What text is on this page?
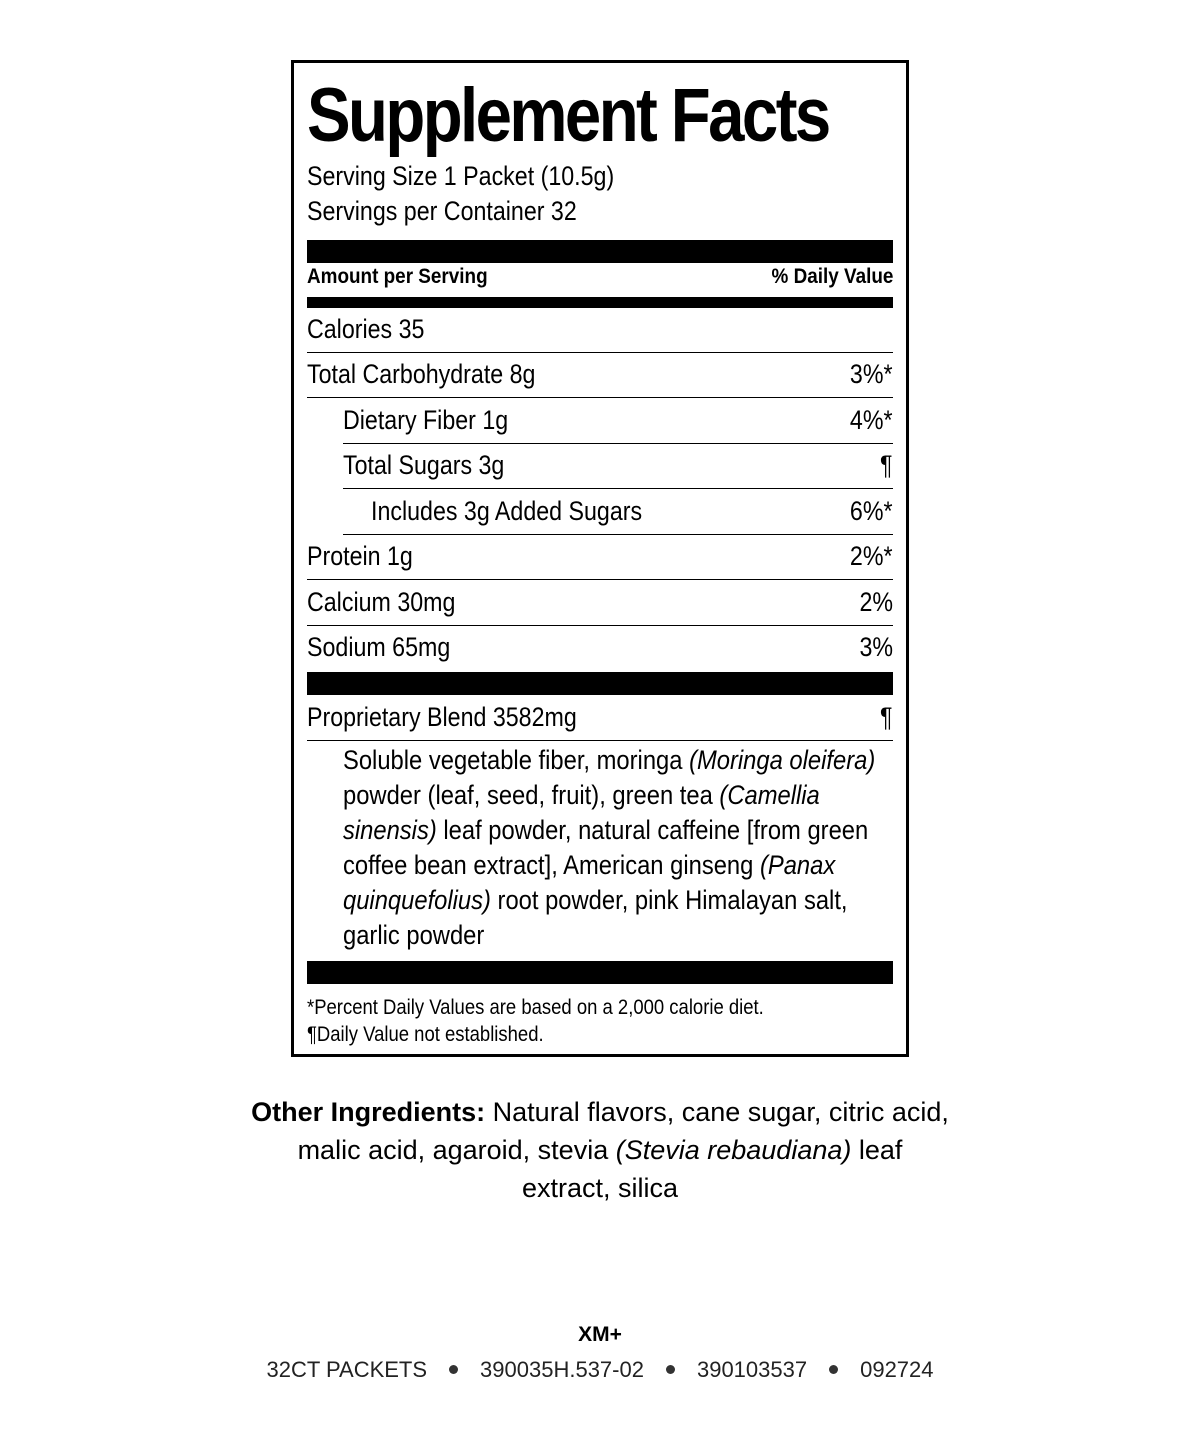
Supplement Facts
Serving Size 1 Packet (10.5g)
Servings per Container 32
Amount per Serving	% Daily Value
Calories 35
Total Carbohydrate 8g	3%*
Dietary Fiber 1g	4%*
Total Sugars 3g	¶
Includes 3g Added Sugars	6%*
Protein 1g	2%*
Calcium 30mg	2%
Sodium 65mg	3%
Proprietary Blend 3582mg	¶
Soluble vegetable fiber, moringa (Moringa oleifera) powder (leaf, seed, fruit), green tea (Camellia sinensis) leaf powder, natural caffeine [from green coffee bean extract], American ginseng (Panax quinquefolius) root powder, pink Himalayan salt, garlic powder
*Percent Daily Values are based on a 2,000 calorie diet.
¶Daily Value not established.
Other Ingredients: Natural flavors, cane sugar, citric acid, malic acid, agaroid, stevia (Stevia rebaudiana) leaf extract, silica
XM+
32CT PACKETS 390035H.537-02 390103537 092724
